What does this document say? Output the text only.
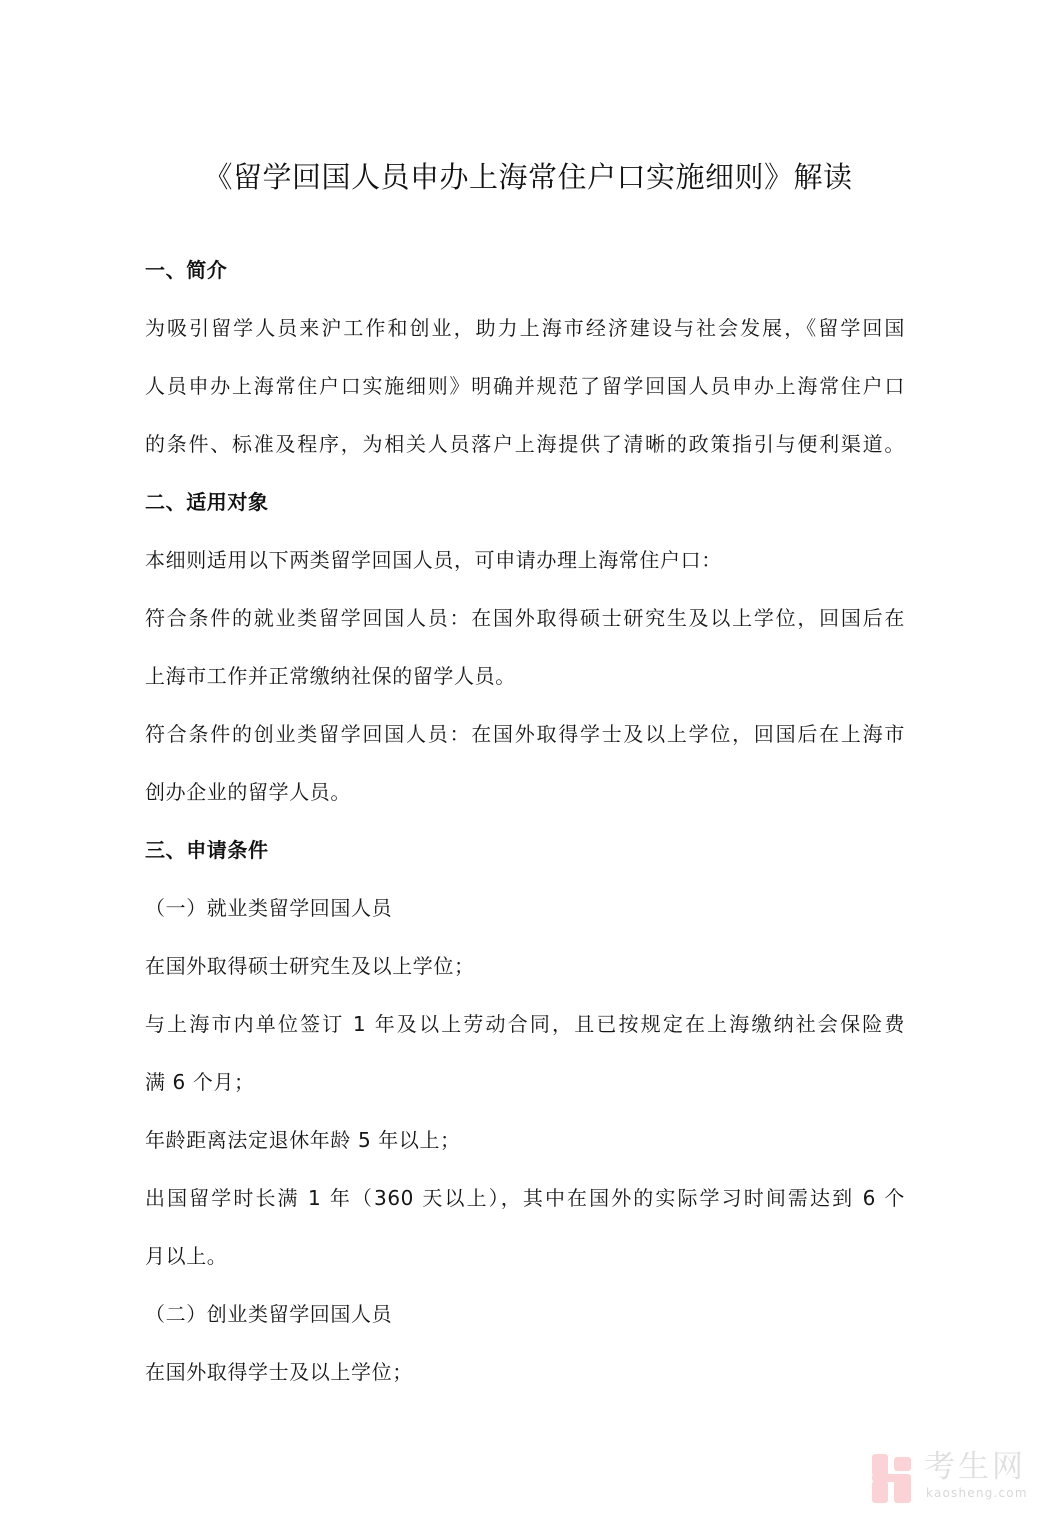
《留学回国人员申办上海常住户口实施细则》解读
一、简介
为吸引留学人员来沪工作和创业，助力上海市经济建设与社会发展，《留学回国
人员申办上海常住户口实施细则》明确并规范了留学回国人员申办上海常住户口
的条件、标准及程序，为相关人员落户上海提供了清晰的政策指引与便利渠道。
二、适用对象
本细则适用以下两类留学回国人员，可申请办理上海常住户口：
符合条件的就业类留学回国人员：在国外取得硕士研究生及以上学位，回国后在
上海市工作并正常缴纳社保的留学人员。
符合条件的创业类留学回国人员：在国外取得学士及以上学位，回国后在上海市
创办企业的留学人员。
三、申请条件
（一）就业类留学回国人员
在国外取得硕士研究生及以上学位；
与上海市内单位签订 1 年及以上劳动合同，且已按规定在上海缴纳社会保险费
满 6 个月；
年龄距离法定退休年龄 5 年以上；
出国留学时长满 1 年（360 天以上），其中在国外的实际学习时间需达到 6 个
月以上。
（二）创业类留学回国人员
在国外取得学士及以上学位；
考生网
kaosheng.com
